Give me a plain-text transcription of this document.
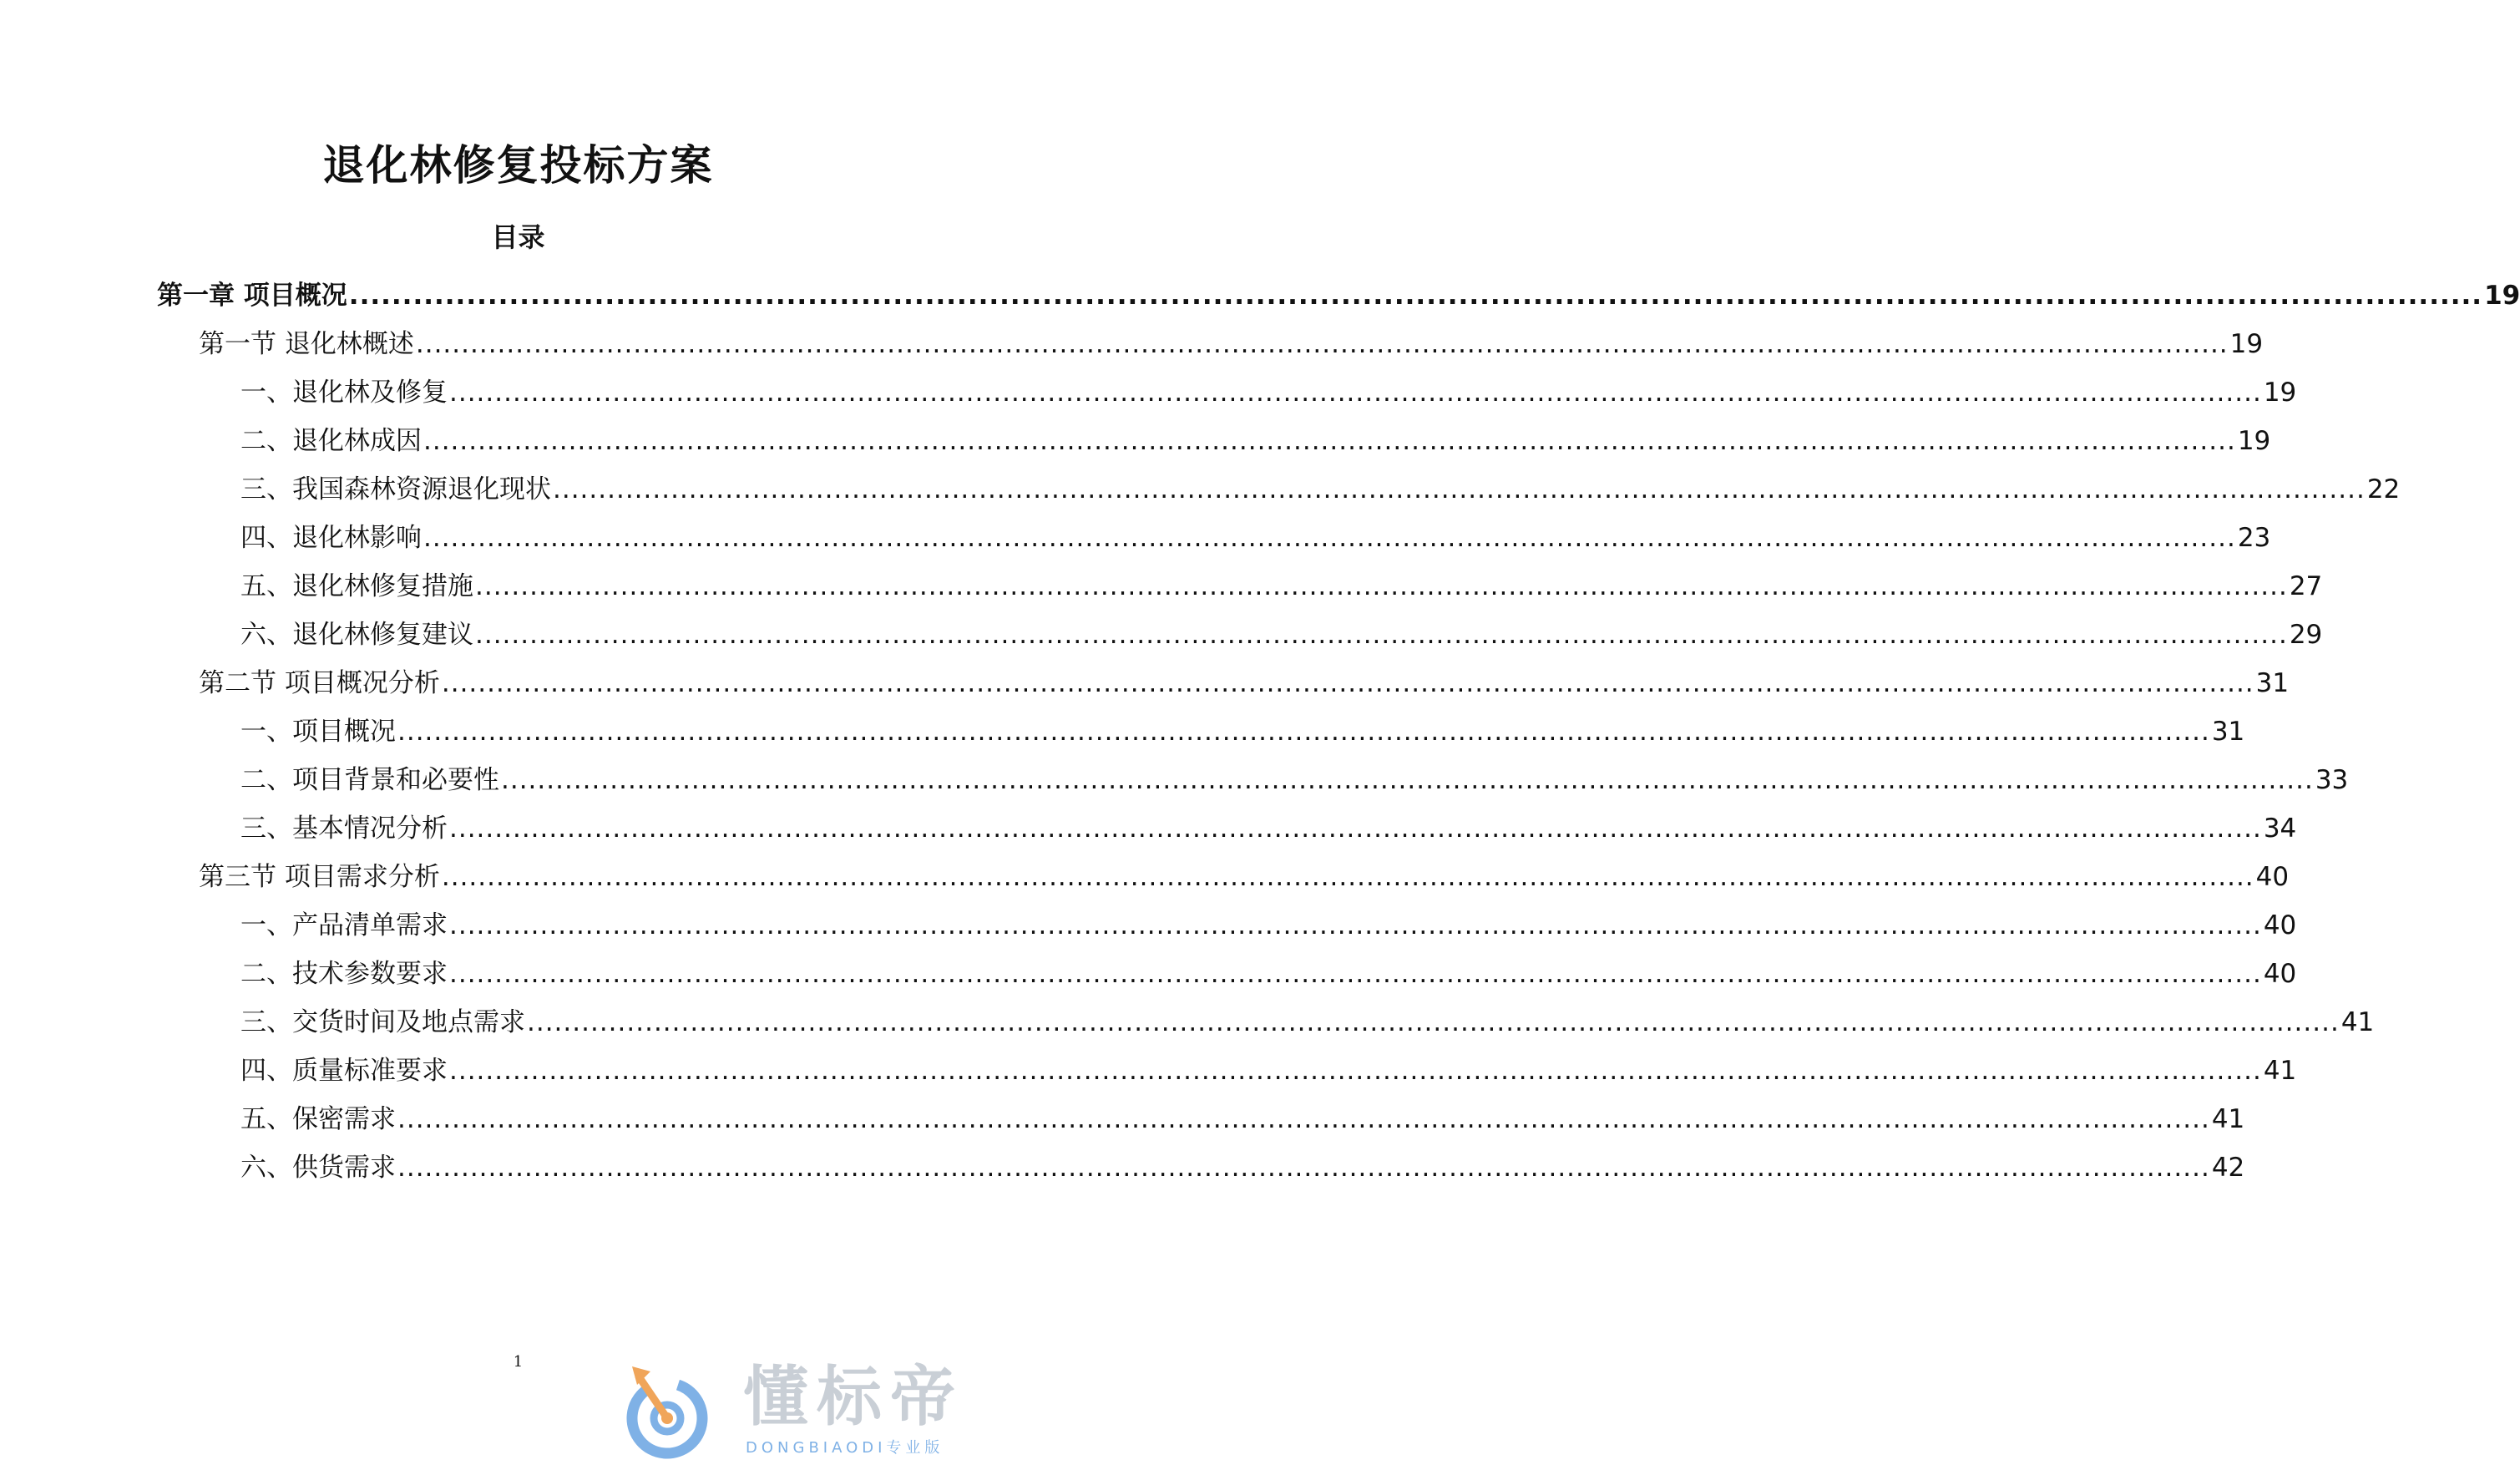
退化林修复投标方案
目录
第一章 项目概况 ........................................................................................................................................................................................................ 19
第一节 退化林概述 ........................................................................................................................................................................................................ 19
一、退化林及修复 ........................................................................................................................................................................................................ 19
二、退化林成因 ........................................................................................................................................................................................................ 19
三、我国森林资源退化现状 ........................................................................................................................................................................................................ 22
四、退化林影响 ........................................................................................................................................................................................................ 23
五、退化林修复措施 ........................................................................................................................................................................................................ 27
六、退化林修复建议 ........................................................................................................................................................................................................ 29
第二节 项目概况分析 ........................................................................................................................................................................................................ 31
一、项目概况 ........................................................................................................................................................................................................ 31
二、项目背景和必要性 ........................................................................................................................................................................................................ 33
三、基本情况分析 ........................................................................................................................................................................................................ 34
第三节 项目需求分析 ........................................................................................................................................................................................................ 40
一、产品清单需求 ........................................................................................................................................................................................................ 40
二、技术参数要求 ........................................................................................................................................................................................................ 40
三、交货时间及地点需求 ........................................................................................................................................................................................................ 41
四、质量标准要求 ........................................................................................................................................................................................................ 41
五、保密需求 ........................................................................................................................................................................................................ 41
六、供货需求 ........................................................................................................................................................................................................ 42
1	懂标帝
DONGBIAODI专业版
